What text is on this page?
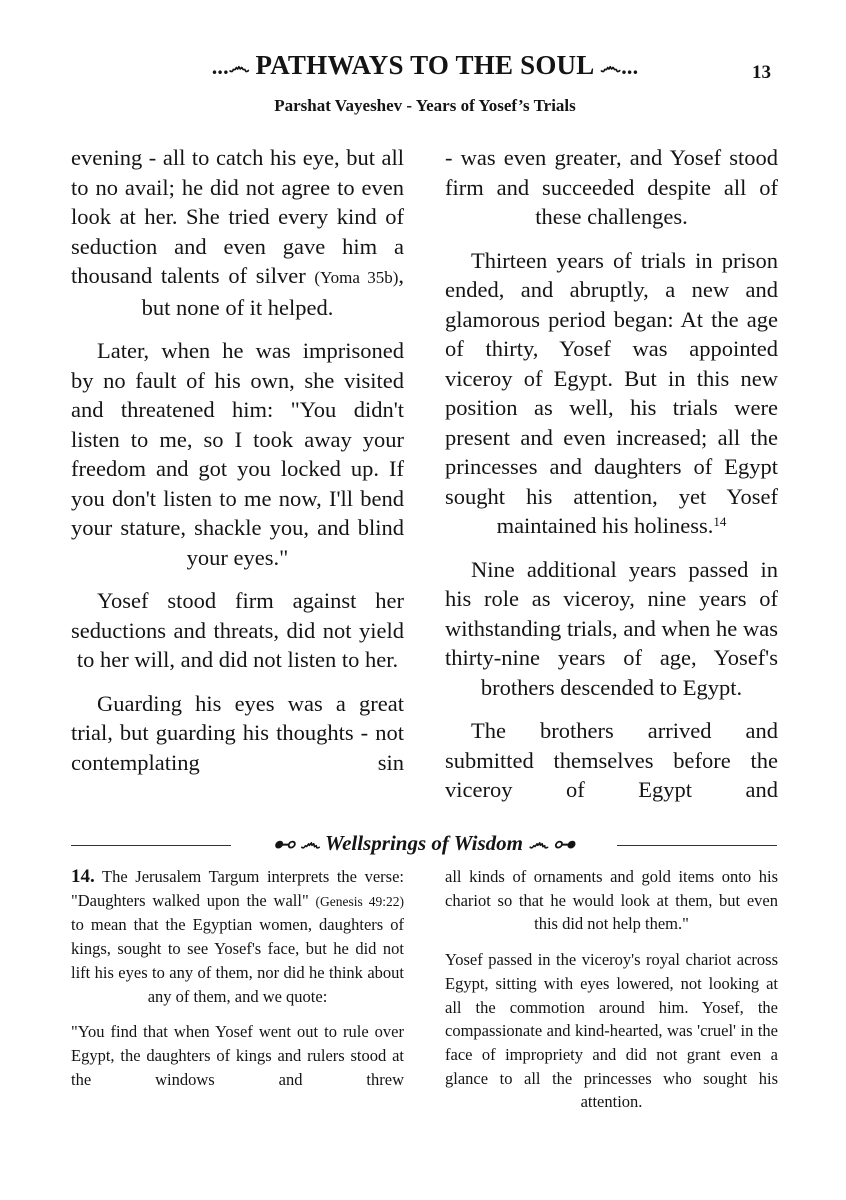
...෴ PATHWAYS TO THE SOUL ෴...	13
Parshat Vayeshev - Years of Yosef’s Trials

evening - all to catch his eye, but all to no avail; he did not agree to even look at her. She tried every kind of seduction and even gave him a thousand talents of silver (Yoma 35b), but none of it helped.

Later, when he was imprisoned by no fault of his own, she visited and threatened him: "You didn't listen to me, so I took away your freedom and got you locked up. If you don't listen to me now, I'll bend your stature, shackle you, and blind your eyes."

Yosef stood firm against her seductions and threats, did not yield to her will, and did not listen to her.

Guarding his eyes was a great trial, but guarding his thoughts - not contemplating sin

- was even greater, and Yosef stood firm and succeeded despite all of these challenges.

Thirteen years of trials in prison ended, and abruptly, a new and glamorous period began: At the age of thirty, Yosef was appointed viceroy of Egypt. But in this new position as well, his trials were present and even increased; all the princesses and daughters of Egypt sought his attention, yet Yosef maintained his holiness.$^{14}$

Nine additional years passed in his role as viceroy, nine years of withstanding trials, and when he was thirty-nine years of age, Yosef's brothers descended to Egypt.

The brothers arrived and submitted themselves before the viceroy of Egypt and

⊷ ෴ Wellsprings of Wisdom ෴ ⊶

14. The Jerusalem Targum interprets the verse: "Daughters walked upon the wall" (Genesis 49:22) to mean that the Egyptian women, daughters of kings, sought to see Yosef's face, but he did not lift his eyes to any of them, nor did he think about any of them, and we quote:

"You find that when Yosef went out to rule over Egypt, the daughters of kings and rulers stood at the windows and threw

all kinds of ornaments and gold items onto his chariot so that he would look at them, but even this did not help them."

Yosef passed in the viceroy's royal chariot across Egypt, sitting with eyes lowered, not looking at all the commotion around him. Yosef, the compassionate and kind-hearted, was 'cruel' in the face of impropriety and did not grant even a glance to all the princesses who sought his attention.
